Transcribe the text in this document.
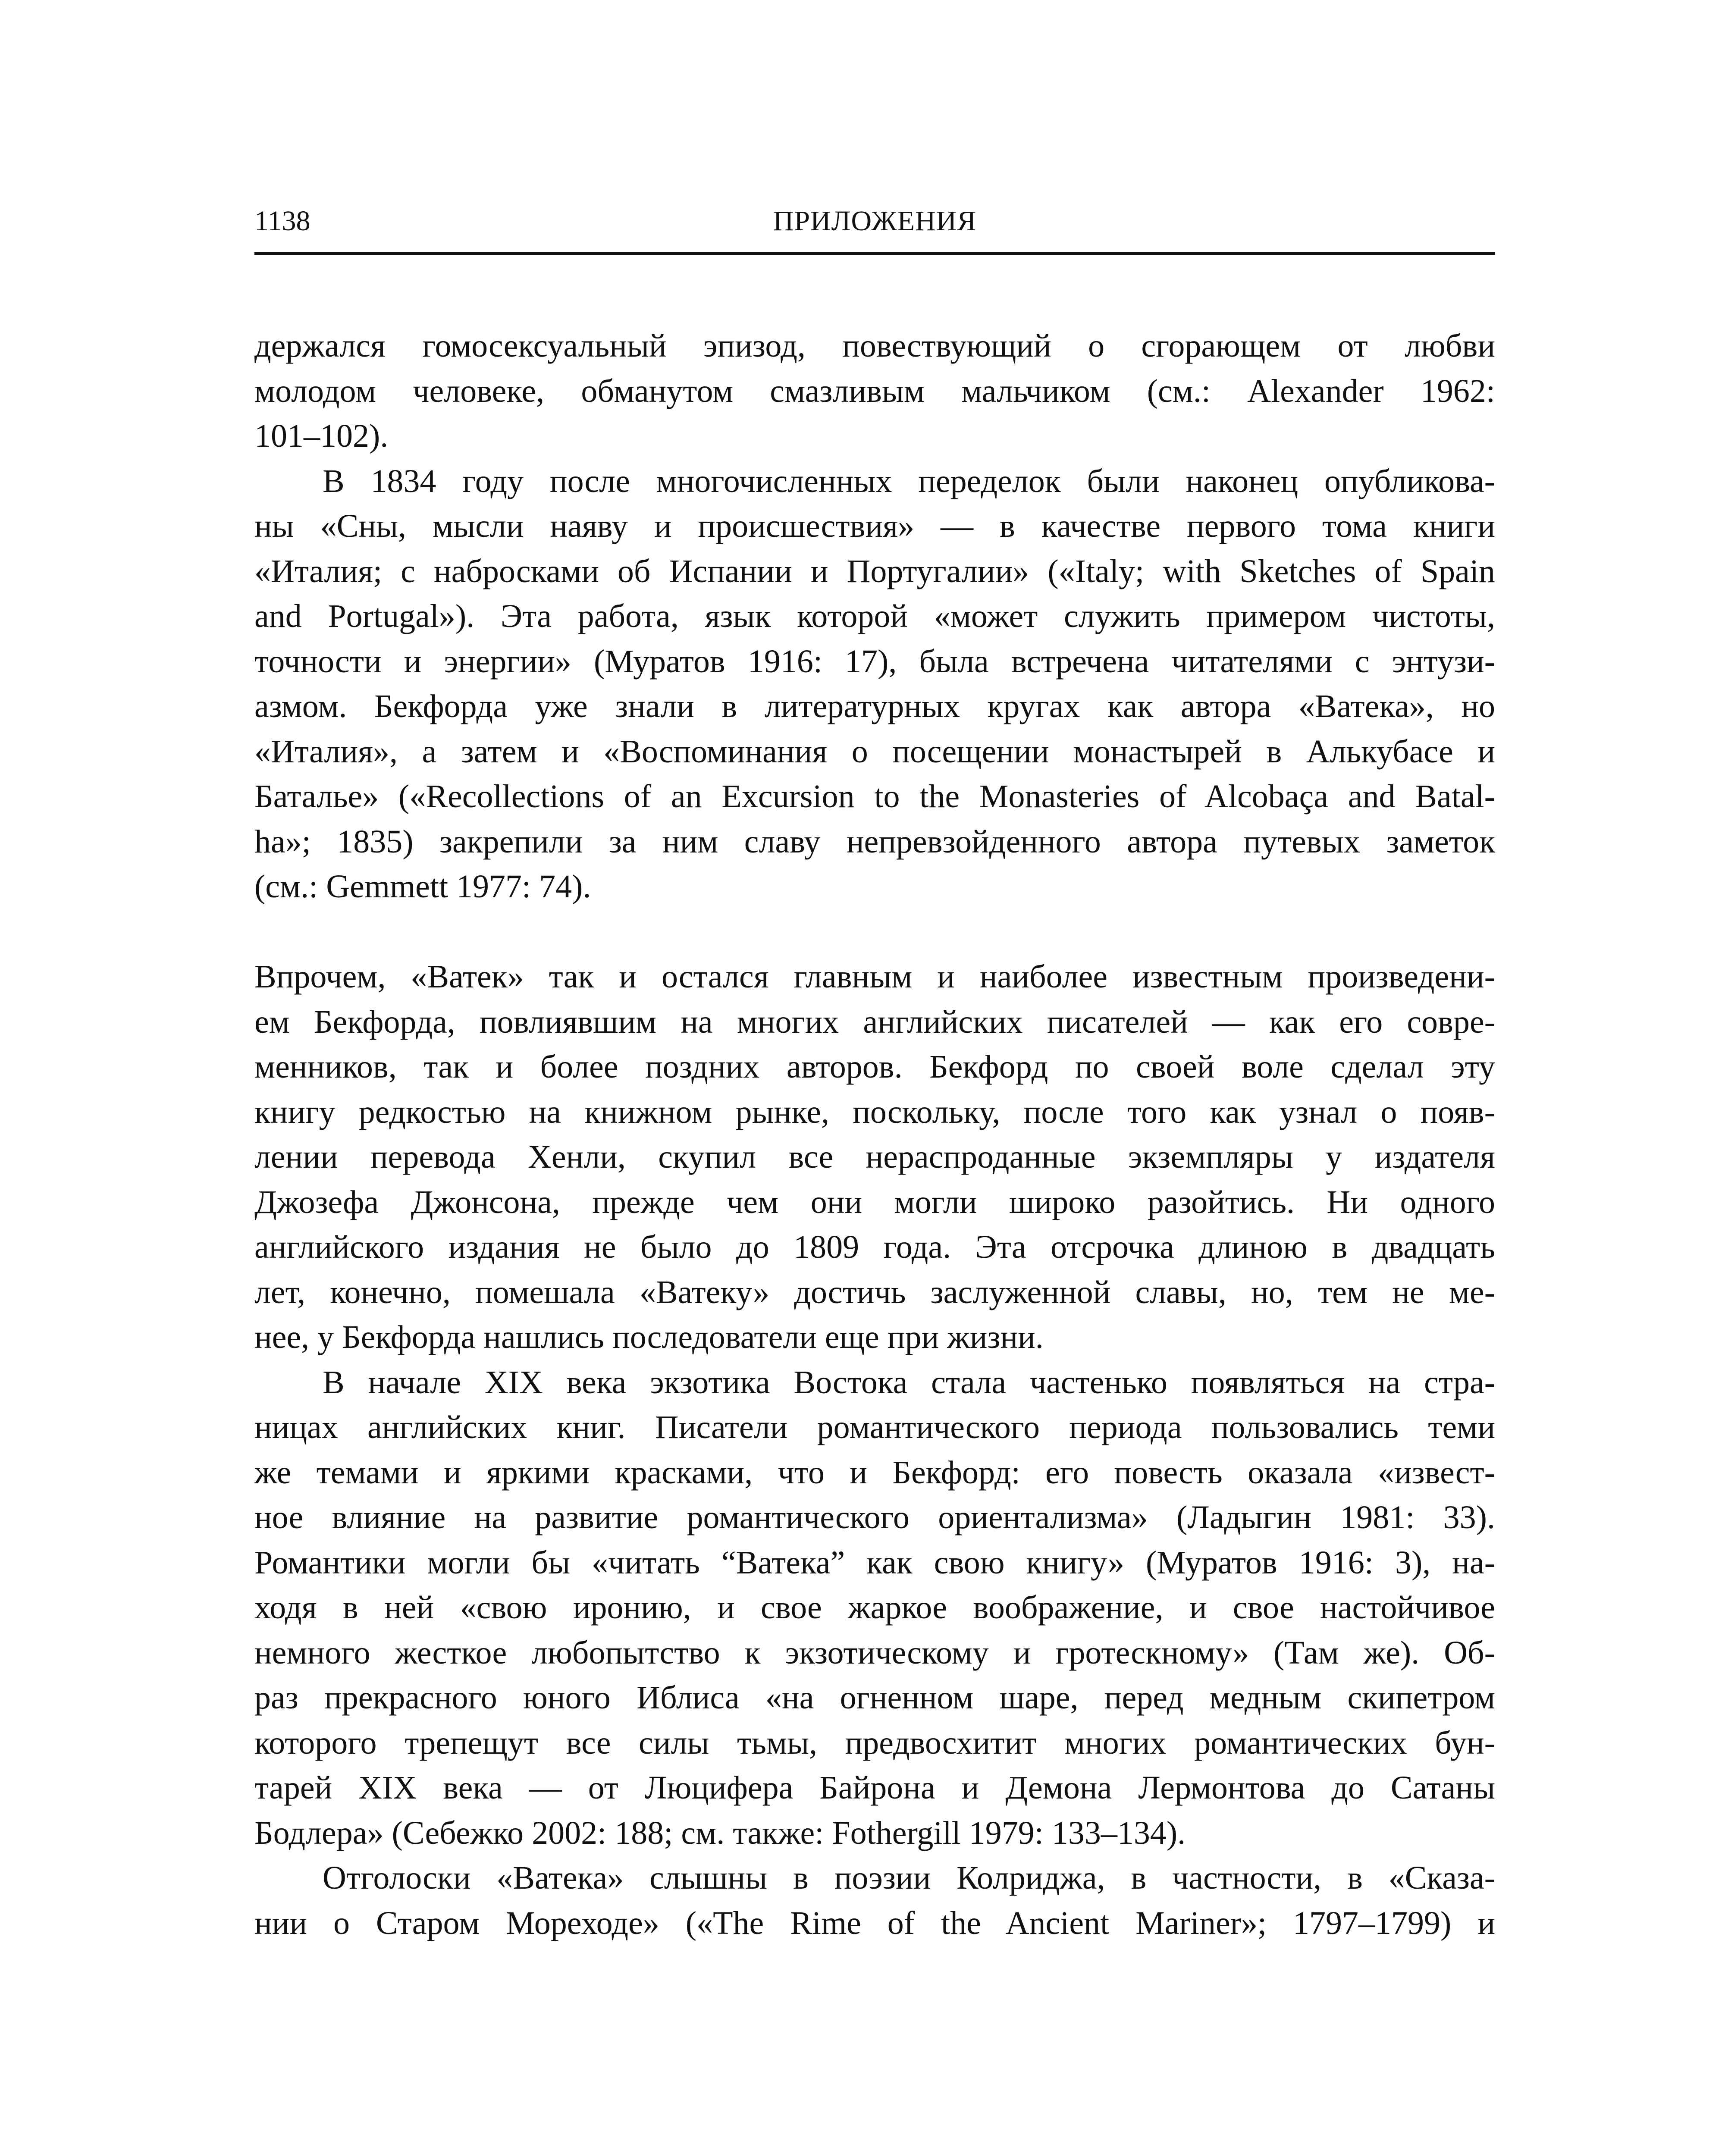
1138	ПРИЛОЖЕНИЯ
держался гомосексуальный эпизод, повествующий о сгорающем от любви
молодом человеке, обманутом смазливым мальчиком (см.: Alexander 1962:
101–102).
В 1834 году после многочисленных переделок были наконец опубликова-
ны «Сны, мысли наяву и происшествия» — в качестве первого тома книги
«Италия; с набросками об Испании и Португалии» («Italy; with Sketches of Spain
and Portugal»). Эта работа, язык которой «может служить примером чистоты,
точности и энергии» (Муратов 1916: 17), была встречена читателями с энтузи-
азмом. Бекфорда уже знали в литературных кругах как автора «Ватека», но
«Италия», а затем и «Воспоминания о посещении монастырей в Алькубасе и
Баталье» («Recollections of an Excursion to the Monasteries of Alcobaça and Batal-
ha»; 1835) закрепили за ним славу непревзойденного автора путевых заметок
(см.: Gemmett 1977: 74).
Впрочем, «Ватек» так и остался главным и наиболее известным произведени-
ем Бекфорда, повлиявшим на многих английских писателей — как его совре-
менников, так и более поздних авторов. Бекфорд по своей воле сделал эту
книгу редкостью на книжном рынке, поскольку, после того как узнал о появ-
лении перевода Хенли, скупил все нераспроданные экземпляры у издателя
Джозефа Джонсона, прежде чем они могли широко разойтись. Ни одного
английского издания не было до 1809 года. Эта отсрочка длиною в двадцать
лет, конечно, помешала «Ватеку» достичь заслуженной славы, но, тем не ме-
нее, у Бекфорда нашлись последователи еще при жизни.
В начале XIX века экзотика Востока стала частенько появляться на стра-
ницах английских книг. Писатели романтического периода пользовались теми
же темами и яркими красками, что и Бекфорд: его повесть оказала «извест-
ное влияние на развитие романтического ориентализма» (Ладыгин 1981: 33).
Романтики могли бы «читать “Ватека” как свою книгу» (Муратов 1916: 3), на-
ходя в ней «свою иронию, и свое жаркое воображение, и свое настойчивое
немного жесткое любопытство к экзотическому и гротескному» (Там же). Об-
раз прекрасного юного Иблиса «на огненном шаре, перед медным скипетром
которого трепещут все силы тьмы, предвосхитит многих романтических бун-
тарей XIX века — от Люцифера Байрона и Демона Лермонтова до Сатаны
Бодлера» (Себежко 2002: 188; см. также: Fothergill 1979: 133–134).
Отголоски «Ватека» слышны в поэзии Колриджа, в частности, в «Сказа-
нии о Старом Мореходе» («The Rime of the Ancient Mariner»; 1797–1799) и
